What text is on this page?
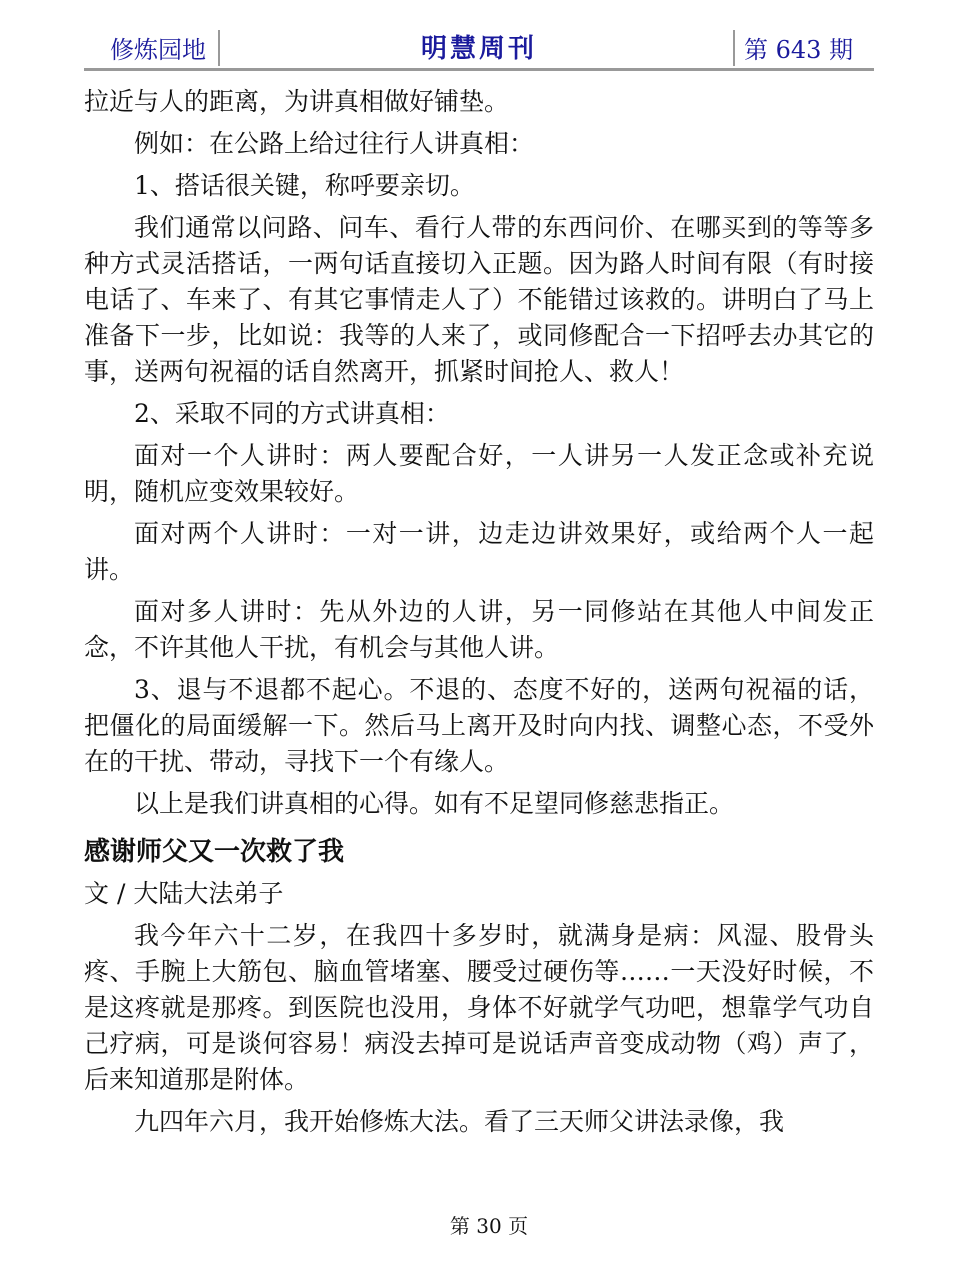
修炼园地	明慧周刊	第 643 期

拉近与人的距离，为讲真相做好铺垫。

例如：在公路上给过往行人讲真相：

1、搭话很关键，称呼要亲切。

我们通常以问路、问车、看行人带的东西问价、在哪买到的等等多种方式灵活搭话，一两句话直接切入正题。因为路人时间有限（有时接电话了、车来了、有其它事情走人了）不能错过该救的。讲明白了马上准备下一步，比如说：我等的人来了，或同修配合一下招呼去办其它的事，送两句祝福的话自然离开，抓紧时间抢人、救人！

2、采取不同的方式讲真相：

面对一个人讲时：两人要配合好，一人讲另一人发正念或补充说明，随机应变效果较好。

面对两个人讲时：一对一讲，边走边讲效果好，或给两个人一起讲。

面对多人讲时：先从外边的人讲，另一同修站在其他人中间发正念，不许其他人干扰，有机会与其他人讲。

3、退与不退都不起心。不退的、态度不好的，送两句祝福的话，把僵化的局面缓解一下。然后马上离开及时向内找、调整心态，不受外在的干扰、带动，寻找下一个有缘人。

以上是我们讲真相的心得。如有不足望同修慈悲指正。

感谢师父又一次救了我

文 / 大陆大法弟子

我今年六十二岁，在我四十多岁时，就满身是病：风湿、股骨头疼、手腕上大筋包、脑血管堵塞、腰受过硬伤等……一天没好时候，不是这疼就是那疼。到医院也没用，身体不好就学气功吧，想靠学气功自己疗病，可是谈何容易！病没去掉可是说话声音变成动物（鸡）声了，后来知道那是附体。

九四年六月，我开始修炼大法。看了三天师父讲法录像，我

第 30 页
